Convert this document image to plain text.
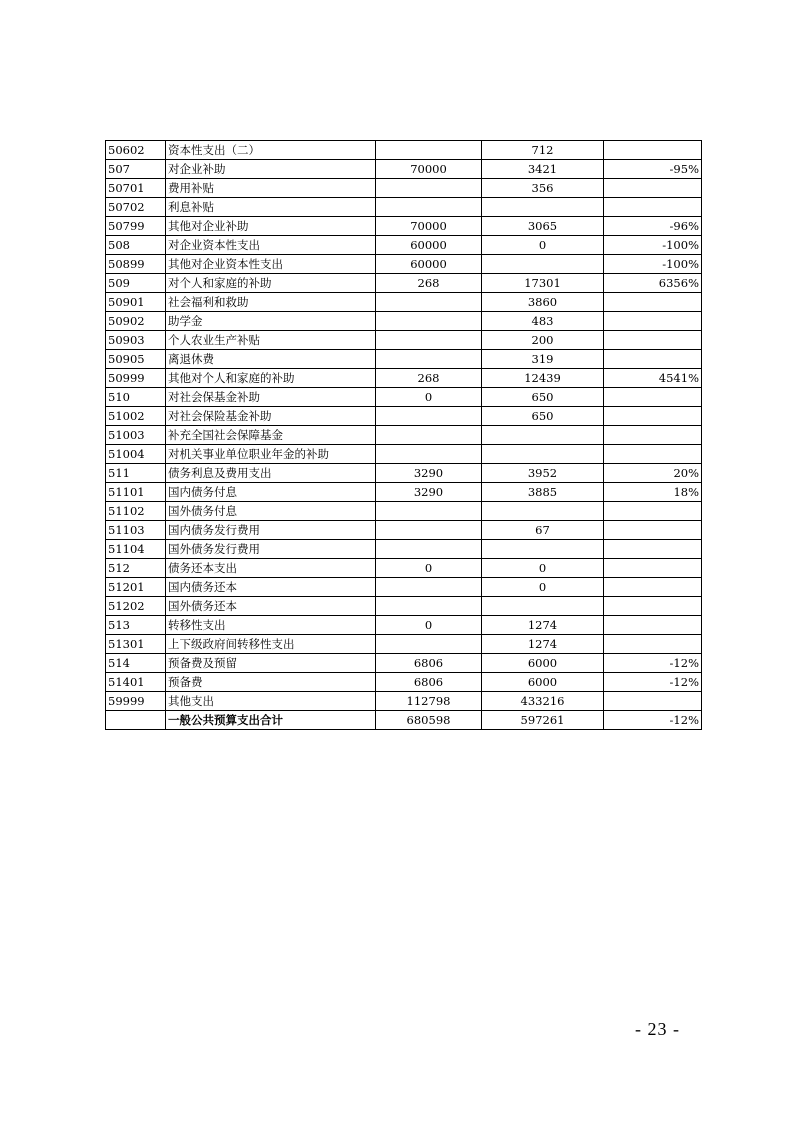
50602	资本性支出（二）		712	
507	对企业补助	70000	3421	-95%
50701	费用补贴		356	
50702	利息补贴			
50799	其他对企业补助	70000	3065	-96%
508	对企业资本性支出	60000	0	-100%
50899	其他对企业资本性支出	60000		-100%
509	对个人和家庭的补助	268	17301	6356%
50901	社会福利和救助		3860	
50902	助学金		483	
50903	个人农业生产补贴		200	
50905	离退休费		319	
50999	其他对个人和家庭的补助	268	12439	4541%
510	对社会保基金补助	0	650	
51002	对社会保险基金补助		650	
51003	补充全国社会保障基金			
51004	对机关事业单位职业年金的补助			
511	债务利息及费用支出	3290	3952	20%
51101	国内债务付息	3290	3885	18%
51102	国外债务付息			
51103	国内债务发行费用		67	
51104	国外债务发行费用			
512	债务还本支出	0	0	
51201	国内债务还本		0	
51202	国外债务还本			
513	转移性支出	0	1274	
51301	上下级政府间转移性支出		1274	
514	预备费及预留	6806	6000	-12%
51401	预备费	6806	6000	-12%
59999	其他支出	112798	433216	
	一般公共预算支出合计	680598	597261	-12%
- 23 -
